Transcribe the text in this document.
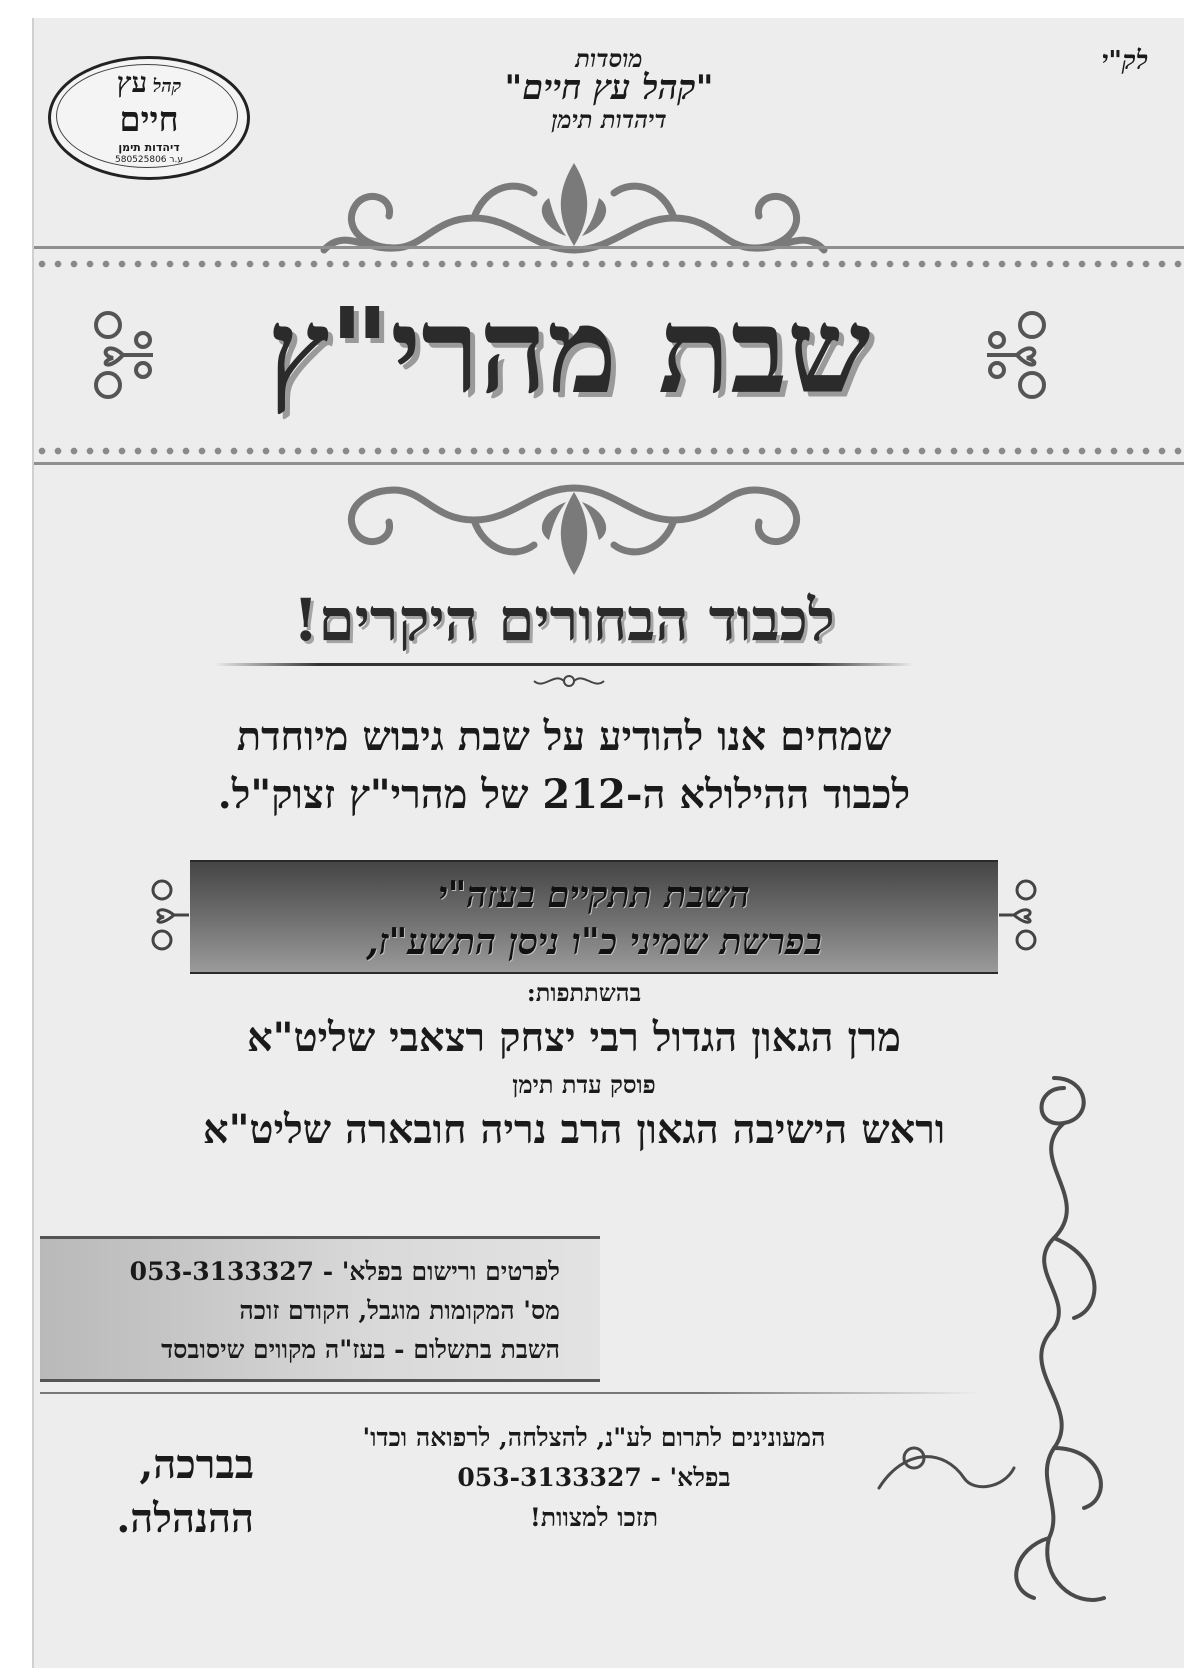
לק"י
מוסדות
"קהל עץ חיים"
דיהדות תימן
קהל עץ
חיים
דיהדות תימן
580525806 ע.ר
שבת מהרי"ץ
לכבוד הבחורים היקרים!
שמחים אנו להודיע על שבת גיבוש מיוחדת
לכבוד ההילולא ה-212 של מהרי"ץ זצוק"ל.
השבת תתקיים בעזה"י
בפרשת שמיני כ"ו ניסן התשע"ז,
בהשתתפות:
מרן הגאון הגדול רבי יצחק רצאבי שליט"א
פוסק עדת תימן
וראש הישיבה הגאון הרב נריה חובארה שליט"א
לפרטים ורישום בפלא' - 053-3133327
מס' המקומות מוגבל, הקודם זוכה
השבת בתשלום - בעז"ה מקווים שיסובסד
המעונינים לתרום לע"נ, להצלחה, לרפואה וכדו'
בפלא' - 053-3133327
תזכו למצוות!
בברכה,
ההנהלה.
